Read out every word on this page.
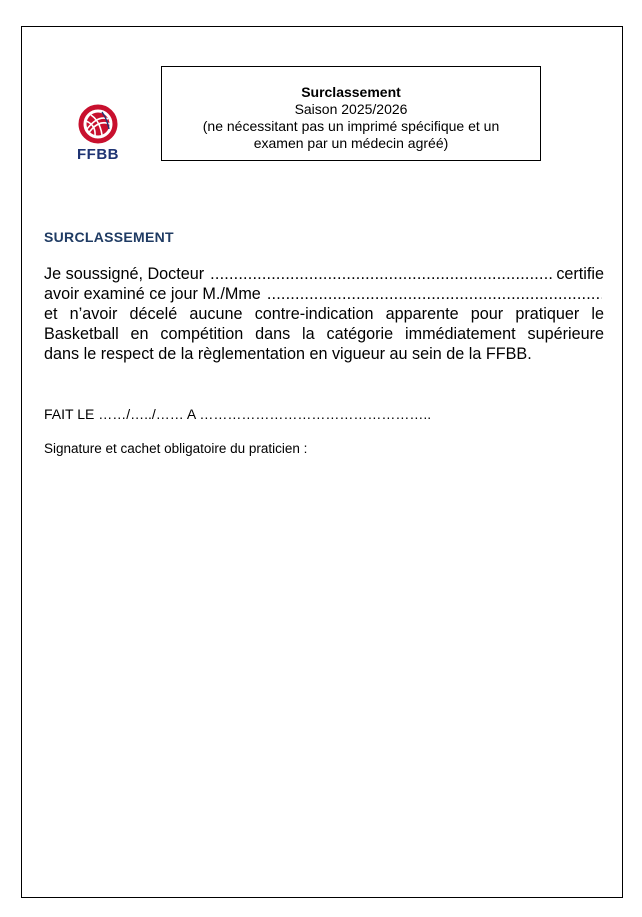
FFBB
Surclassement
Saison 2025/2026
(ne nécessitant pas un imprimé spécifique et un
examen par un médecin agréé)
SURCLASSEMENT
Je soussigné, Docteur
.....	certifie
avoir examiné ce jour M./Mme
.....
et n’avoir décelé aucune contre-indication apparente pour pratiquer le
Basketball en compétition dans la catégorie immédiatement supérieure
dans le respect de la règlementation en vigueur au sein de la FFBB.
FAIT LE ……/…../…… A …………………………………………..
Signature et cachet obligatoire du praticien :
